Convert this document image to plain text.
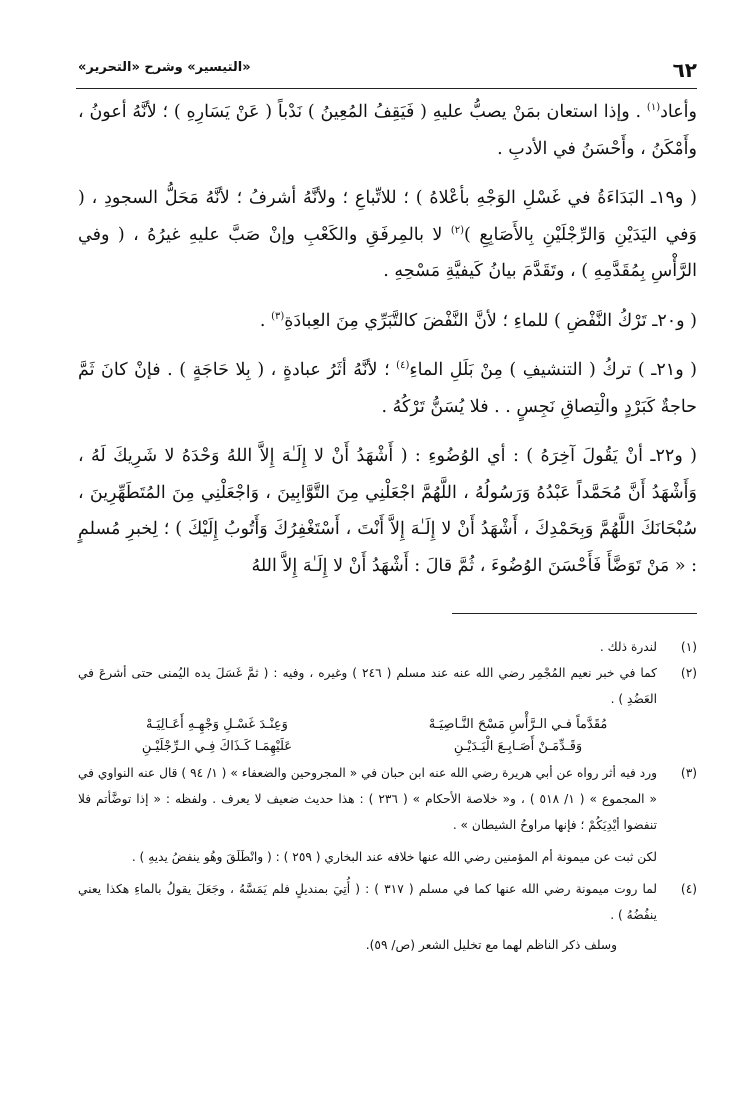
٦٢
«التيسير» وشرح «التحرير»

وأعاد$^{(١)}$ . وإذا استعان بمَنْ يصبُّ عليهِ ( فَيَقِفُ المُعِينُ ) نَدْباً ( عَنْ يَسَارِهِ ) ؛ لأنَّهُ أعونُ ، وأَمْكَنُ ، وأَحْسَنُ في الأدبِ .

( و١٩ـ البَدَاءَةُ في غَسْلِ الوَجْهِ بأعْلاهُ ) ؛ للاتِّباعِ ؛ ولأنَّهُ أشرفُ ؛ لأنَّهُ مَحَلُّ السجودِ ، ( وَفي اليَدَيْنِ وَالرِّجْلَيْنِ بِالأَصَابِعِ )$^{(٢)}$ لا بالمِرفَقِ والكَعْبِ وإنْ صَبَّ عليهِ غيرُهُ ، ( وفي الرَّأْسِ بِمُقَدَّمِهِ ) ، وتَقَدَّمَ بيانُ كَيفيَّةِ مَسْحِهِ .

( و٢٠ـ تَرْكُ النَّفْضِ ) للماءِ ؛ لأنَّ النَّفْضَ كالتَّبَرِّي مِنَ العِبادَةِ$^{(٣)}$ .

( و٢١ـ ) تركُ ( التنشيفِ ) مِنْ بَلَلِ الماءِ$^{(٤)}$ ؛ لأنَّهُ أثَرُ عبادةٍ ، ( بِلا حَاجَةٍ ) . فإنْ كانَ ثَمَّ حاجةٌ كَبَرْدٍ والْتِصاقِ نَجِسٍ . . فلا يُسَنُّ تَرْكُهُ .

( و٢٢ـ أنْ يَقُولَ آخِرَهُ ) : أي الوُضُوءِ : ( أَشْهَدُ أَنْ لا إِلَـٰهَ إِلاَّ اللهُ وَحْدَهُ لا شَرِيكَ لَهُ ، وَأَشْهَدُ أَنَّ مُحَمَّداً عَبْدُهُ وَرَسُولُهُ ، اللَّهُمَّ اجْعَلْنِي مِنَ التَّوَّابِينَ ، وَاجْعَلْنِي مِنَ المُتَطَهِّرِينَ ، سُبْحَانَكَ اللَّهُمَّ وَبِحَمْدِكَ ، أَشْهَدُ أَنْ لا إِلَـٰهَ إِلاَّ أَنْتَ ، أَسْتَغْفِرُكَ وَأَتُوبُ إِلَيْكَ ) ؛ لِخبرِ مُسلمٍ : « مَنْ تَوَضَّأَ فَأَحْسَنَ الوُضُوءَ ، ثُمَّ قالَ : أَشْهَدُ أَنْ لا إِلَـٰهَ إِلاَّ اللهُ

(١)
لندرة ذلك .
(٢)
كما في خبر نعيم المُجْمِر رضي الله عنه عند مسلم ( ٢٤٦ ) وغيره ، وفيه : ( ثمَّ غَسَلَ يده اليُمنى حتى أشرعَ في العَضُدِ ) .
مُقَدَّماً فـي الـرَّأْسِ مَسْحَ النَّـاصِيَـهْ
وَعِنْـدَ غَسْـلِ وَجْهِـهِ أَعَـالِيَـهْ
وَقَـدِّمَـنْ أَصَـابِـعَ الْيَـدَيْـنِ
عَلَيْهِمَـا كَـذَاكَ فِـي الـرِّجْلَيْـنِ
(٣)
ورد فيه أثر رواه عن أبي هريرة رضي الله عنه ابن حبان في « المجروحين والضعفاء » ( ١/ ٩٤ ) قال عنه النواوي في « المجموع » ( ١/ ٥١٨ ) ، و« خلاصة الأحكام » ( ٢٣٦ ) : هذا حديث ضعيف لا يعرف . ولفظه : « إذا توضَّأتم فلا تنفضوا أيْدِيَكُمْ ؛ فإنها مراوحُ الشيطان » .
لكن ثبت عن ميمونة أم المؤمنين رضي الله عنها خلافه عند البخاري ( ٢٥٩ ) : ( وانْطَلَقَ وهُو ينفضُ يديهِ ) .
(٤)
لما روت ميمونة رضي الله عنها كما في مسلم ( ٣١٧ ) : ( أُتِيَ بمنديلٍ فلم يَمَسَّهُ ، وجَعَلَ يقولُ بالماءِ هكذا يعني ينفُضُهُ ) .
وسلف ذكر الناظم لهما مع تخليل الشعر (ص/ ٥٩).
